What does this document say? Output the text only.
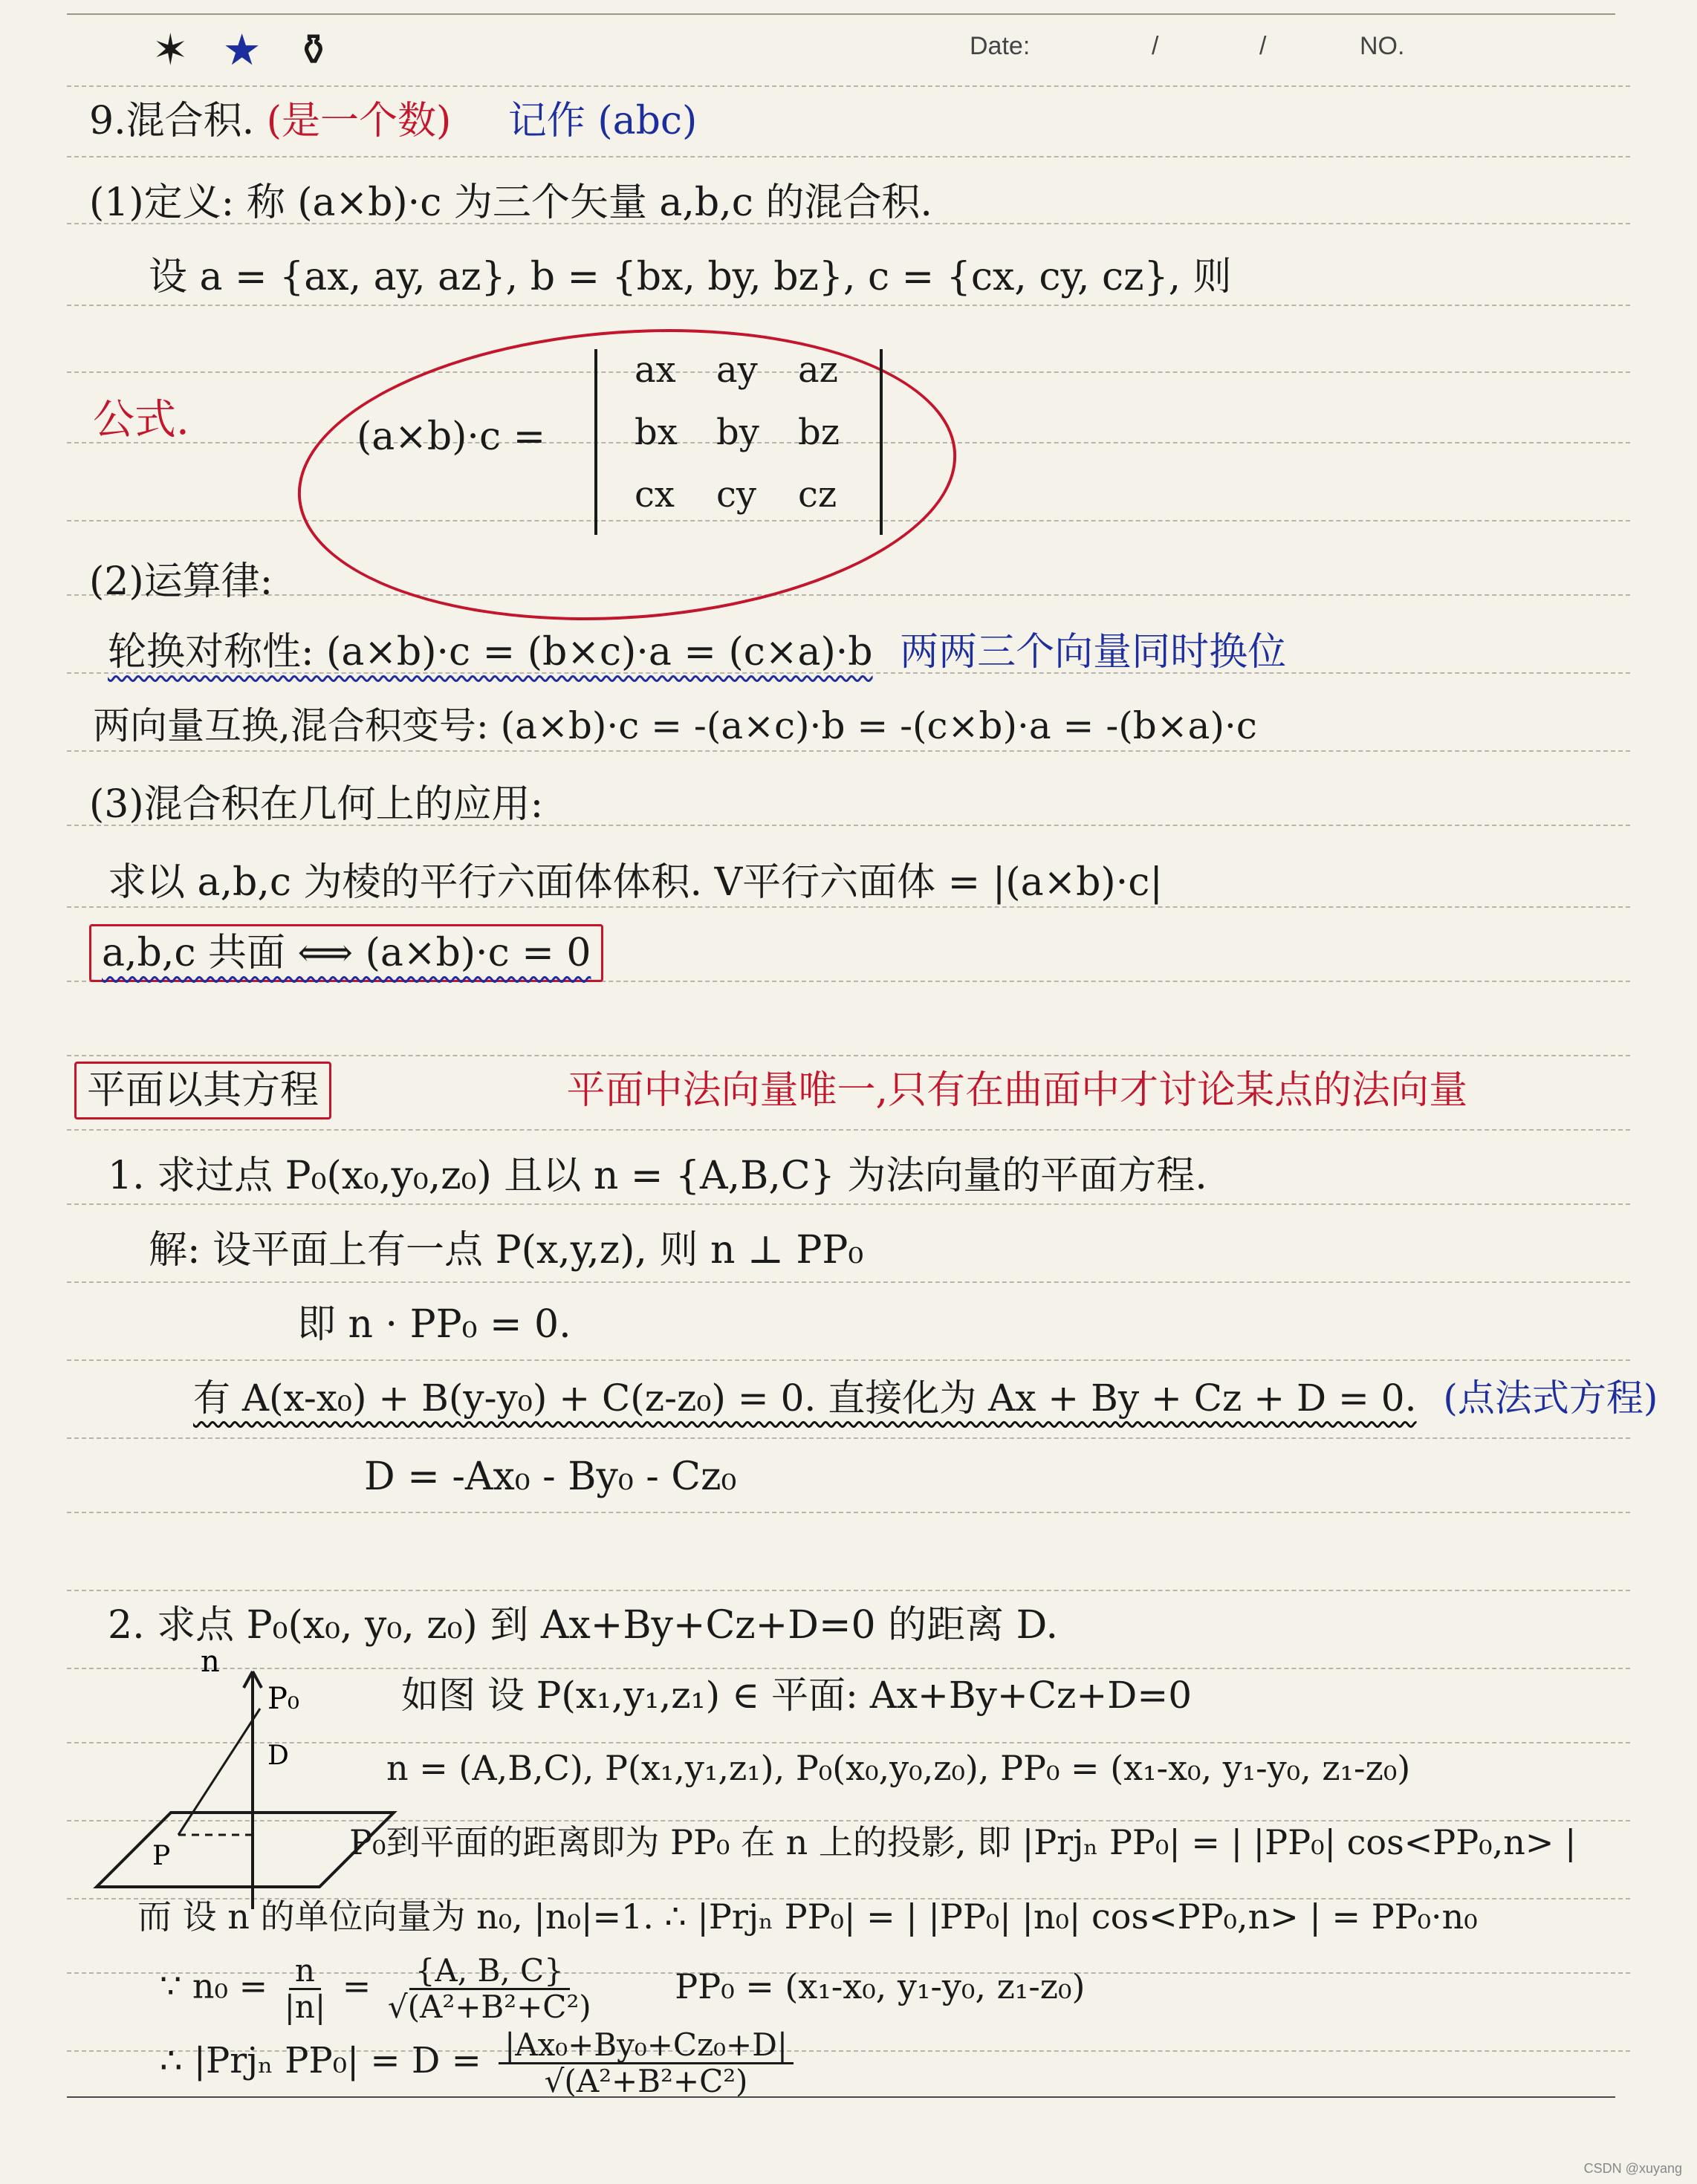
✶ ★ ⚱	Date:	/	/	NO.
9.混合积. (是一个数) 记作 (abc)
(1)定义: 称 (a×b)·c 为三个矢量 a,b,c 的混合积.
设 a = {ax, ay, az}, b = {bx, by, bz}, c = {cx, cy, cz}, 则
公式.	(a×b)·c =
ax	ay	az
bx	by	bz
cx	cy	cz
(2)运算律:
轮换对称性: (a×b)·c = (b×c)·a = (c×a)·b 两两三个向量同时换位
两向量互换,混合积变号: (a×b)·c = -(a×c)·b = -(c×b)·a = -(b×a)·c
(3)混合积在几何上的应用:
求以 a,b,c 为棱的平行六面体体积. V平行六面体 = |(a×b)·c|
a,b,c 共面 ⟺ (a×b)·c = 0
平面以其方程	平面中法向量唯一,只有在曲面中才讨论某点的法向量
1. 求过点 P₀(x₀,y₀,z₀) 且以 n = {A,B,C} 为法向量的平面方程.
解: 设平面上有一点 P(x,y,z), 则 n ⊥ PP₀
即 n · PP₀ = 0.
有 A(x-x₀) + B(y-y₀) + C(z-z₀) = 0. 直接化为 Ax + By + Cz + D = 0. (点法式方程)
D = -Ax₀ - By₀ - Cz₀
2. 求点 P₀(x₀, y₀, z₀) 到 Ax+By+Cz+D=0 的距离 D.
n
P₀
D
P
如图 设 P(x₁,y₁,z₁) ∈ 平面: Ax+By+Cz+D=0
n = (A,B,C), P(x₁,y₁,z₁), P₀(x₀,y₀,z₀), PP₀ = (x₁-x₀, y₁-y₀, z₁-z₀)
P₀到平面的距离即为 PP₀ 在 n 上的投影, 即 |Prjₙ PP₀| = | |PP₀| cos<PP₀,n> |
而 设 n 的单位向量为 n₀, |n₀|=1. ∴ |Prjₙ PP₀| = | |PP₀| |n₀| cos<PP₀,n> | = PP₀·n₀
∵ $n_0 = \frac{n}{|n|} = \frac{\{A, B, C\}}{\text{√(A²+B²+C²)}} PP_0 = (x_1-x_0$, y₁-y₀, z₁-z₀)
∴ |Prjₙ $PP_0| = D = \frac{\text{|Ax₀+By₀+Cz₀+D|}}{\text{√(A²+B²+C²)}}$
CSDN @xuyang
